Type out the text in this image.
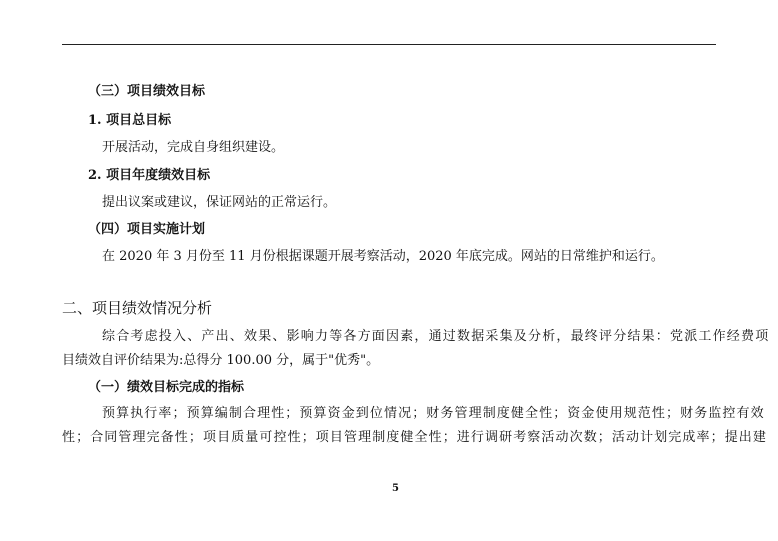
（三）项目绩效目标
1. 项目总目标
开展活动，完成自身组织建设。
2. 项目年度绩效目标
提出议案或建议，保证网站的正常运行。
（四）项目实施计划
在 2020 年 3 月份至 11 月份根据课题开展考察活动，2020 年底完成。网站的日常维护和运行。
二、项目绩效情况分析
综合考虑投入、产出、效果、影响力等各方面因素，通过数据采集及分析，最终评分结果：党派工作经费项
目绩效自评价结果为:总得分 100.00 分，属于"优秀"。
（一）绩效目标完成的指标
预算执行率；预算编制合理性；预算资金到位情况；财务管理制度健全性；资金使用规范性；财务监控有效
性；合同管理完备性；项目质量可控性；项目管理制度健全性；进行调研考察活动次数；活动计划完成率；提出建
5
